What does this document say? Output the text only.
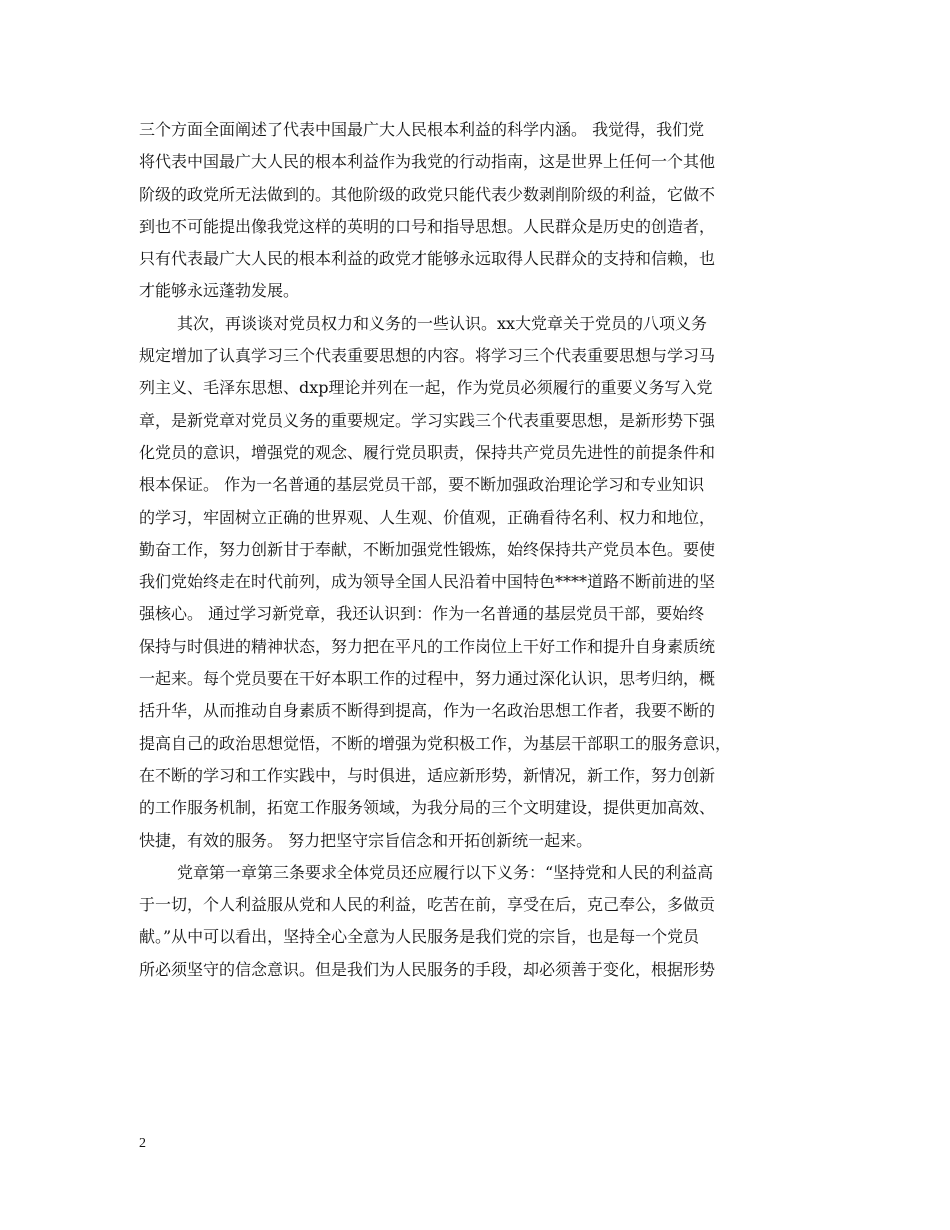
三个方面全面阐述了代表中国最广大人民根本利益的科学内涵。 我觉得，我们党
将代表中国最广大人民的根本利益作为我党的行动指南，这是世界上任何一个其他
阶级的政党所无法做到的。其他阶级的政党只能代表少数剥削阶级的利益，它做不
到也不可能提出像我党这样的英明的口号和指导思想。人民群众是历史的创造者，
只有代表最广大人民的根本利益的政党才能够永远取得人民群众的支持和信赖，也
才能够永远蓬勃发展。
其次，再谈谈对党员权力和义务的一些认识。xx大党章关于党员的八项义务
规定增加了认真学习三个代表重要思想的内容。将学习三个代表重要思想与学习马
列主义、毛泽东思想、dxp理论并列在一起，作为党员必须履行的重要义务写入党
章，是新党章对党员义务的重要规定。学习实践三个代表重要思想，是新形势下强
化党员的意识，增强党的观念、履行党员职责，保持共产党员先进性的前提条件和
根本保证。 作为一名普通的基层党员干部，要不断加强政治理论学习和专业知识
的学习，牢固树立正确的世界观、人生观、价值观，正确看待名利、权力和地位，
勤奋工作，努力创新甘于奉献，不断加强党性锻炼，始终保持共产党员本色。要使
我们党始终走在时代前列，成为领导全国人民沿着中国特色****道路不断前进的坚
强核心。 通过学习新党章，我还认识到：作为一名普通的基层党员干部，要始终
保持与时俱进的精神状态，努力把在平凡的工作岗位上干好工作和提升自身素质统
一起来。每个党员要在干好本职工作的过程中，努力通过深化认识，思考归纳，概
括升华，从而推动自身素质不断得到提高，作为一名政治思想工作者，我要不断的
提高自己的政治思想觉悟，不断的增强为党积极工作，为基层干部职工的服务意识，
在不断的学习和工作实践中，与时俱进，适应新形势，新情况，新工作，努力创新
的工作服务机制，拓宽工作服务领域，为我分局的三个文明建设，提供更加高效、
快捷，有效的服务。 努力把坚守宗旨信念和开拓创新统一起来。
党章第一章第三条要求全体党员还应履行以下义务：“坚持党和人民的利益高
于一切，个人利益服从党和人民的利益，吃苦在前，享受在后，克己奉公，多做贡
献。”从中可以看出，坚持全心全意为人民服务是我们党的宗旨，也是每一个党员
所必须坚守的信念意识。但是我们为人民服务的手段，却必须善于变化，根据形势
2
